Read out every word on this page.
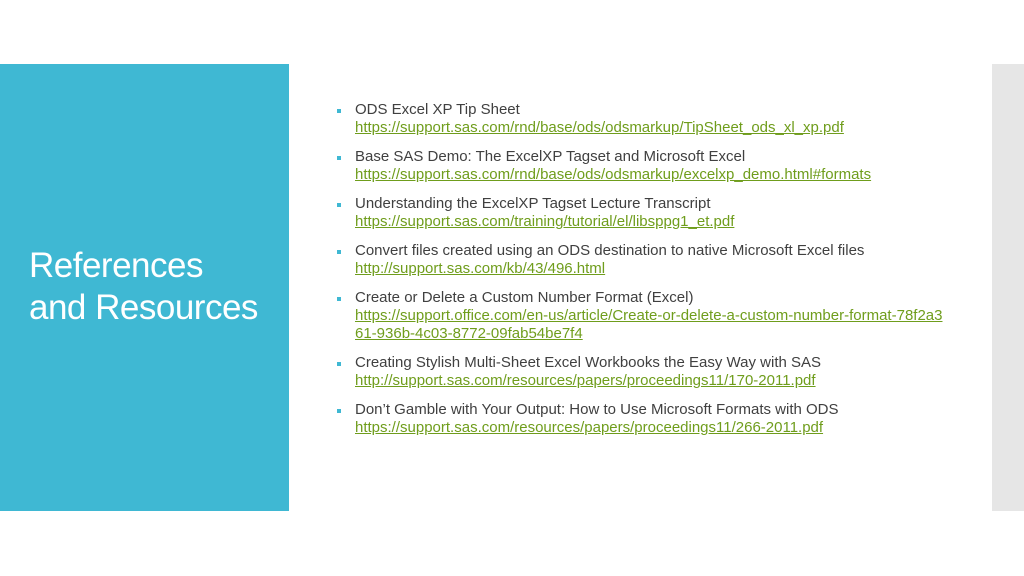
References
and Resources
ODS Excel XP Tip Sheet
https://support.sas.com/rnd/base/ods/odsmarkup/TipSheet_ods_xl_xp.pdf
Base SAS Demo: The ExcelXP Tagset and Microsoft Excel
https://support.sas.com/rnd/base/ods/odsmarkup/excelxp_demo.html#formats
Understanding the ExcelXP Tagset Lecture Transcript
https://support.sas.com/training/tutorial/el/libsppg1_et.pdf
Convert files created using an ODS destination to native Microsoft Excel files
http://support.sas.com/kb/43/496.html
Create or Delete a Custom Number Format (Excel)
https://support.office.com/en-us/article/Create-or-delete-a-custom-number-format-78f2a361-936b-4c03-8772-09fab54be7f4
Creating Stylish Multi-Sheet Excel Workbooks the Easy Way with SAS
http://support.sas.com/resources/papers/proceedings11/170-2011.pdf
Don’t Gamble with Your Output: How to Use Microsoft Formats with ODS
https://support.sas.com/resources/papers/proceedings11/266-2011.pdf
